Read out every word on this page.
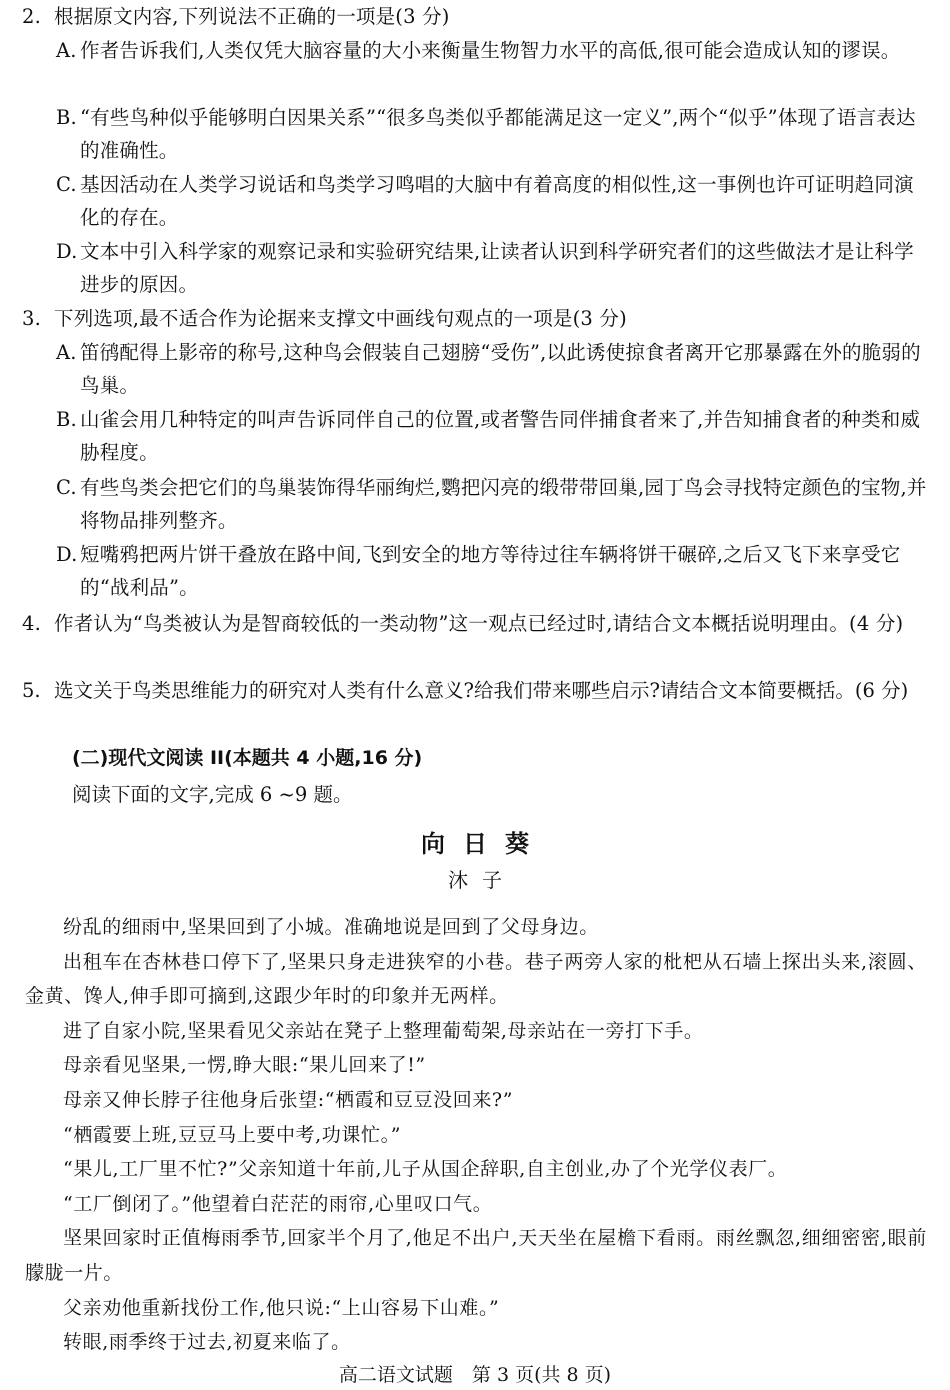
2. 根据原文内容,下列说法不正确的一项是(3 分)
A. 作者告诉我们,人类仅凭大脑容量的大小来衡量生物智力水平的高低,很可能会造成认知的谬误。
B. “有些鸟种似乎能够明白因果关系”“很多鸟类似乎都能满足这一定义”,两个“似乎”体现了语言表达的准确性。
C. 基因活动在人类学习说话和鸟类学习鸣唱的大脑中有着高度的相似性,这一事例也许可证明趋同演化的存在。
D. 文本中引入科学家的观察记录和实验研究结果,让读者认识到科学研究者们的这些做法才是让科学进步的原因。
3. 下列选项,最不适合作为论据来支撑文中画线句观点的一项是(3 分)
A. 笛鸻配得上影帝的称号,这种鸟会假装自己翅膀“受伤”,以此诱使掠食者离开它那暴露在外的脆弱的鸟巢。
B. 山雀会用几种特定的叫声告诉同伴自己的位置,或者警告同伴捕食者来了,并告知捕食者的种类和威胁程度。
C. 有些鸟类会把它们的鸟巢装饰得华丽绚烂,鹦把闪亮的缎带带回巢,园丁鸟会寻找特定颜色的宝物,并将物品排列整齐。
D. 短嘴鸦把两片饼干叠放在路中间,飞到安全的地方等待过往车辆将饼干碾碎,之后又飞下来享受它的“战利品”。
4. 作者认为“鸟类被认为是智商较低的一类动物”这一观点已经过时,请结合文本概括说明理由。(4 分)
5. 选文关于鸟类思维能力的研究对人类有什么意义?给我们带来哪些启示?请结合文本简要概括。(6 分)
(二)现代文阅读 II(本题共 4 小题,16 分)
阅读下面的文字,完成 6 ~9 题。
向日葵
沐子

纷乱的细雨中,坚果回到了小城。准确地说是回到了父母身边。

出租车在杏林巷口停下了,坚果只身走进狭窄的小巷。巷子两旁人家的枇杷从石墙上探出头来,滚圆、金黄、馋人,伸手即可摘到,这跟少年时的印象并无两样。

进了自家小院,坚果看见父亲站在凳子上整理葡萄架,母亲站在一旁打下手。

母亲看见坚果,一愣,睁大眼:“果儿回来了!”

母亲又伸长脖子往他身后张望:“栖霞和豆豆没回来?”

“栖霞要上班,豆豆马上要中考,功课忙。”

“果儿,工厂里不忙?”父亲知道十年前,儿子从国企辞职,自主创业,办了个光学仪表厂。

“工厂倒闭了。”他望着白茫茫的雨帘,心里叹口气。

坚果回家时正值梅雨季节,回家半个月了,他足不出户,天天坐在屋檐下看雨。雨丝飘忽,细细密密,眼前朦胧一片。

父亲劝他重新找份工作,他只说:“上山容易下山难。”

转眼,雨季终于过去,初夏来临了。

高二语文试题　第 3 页(共 8 页)
